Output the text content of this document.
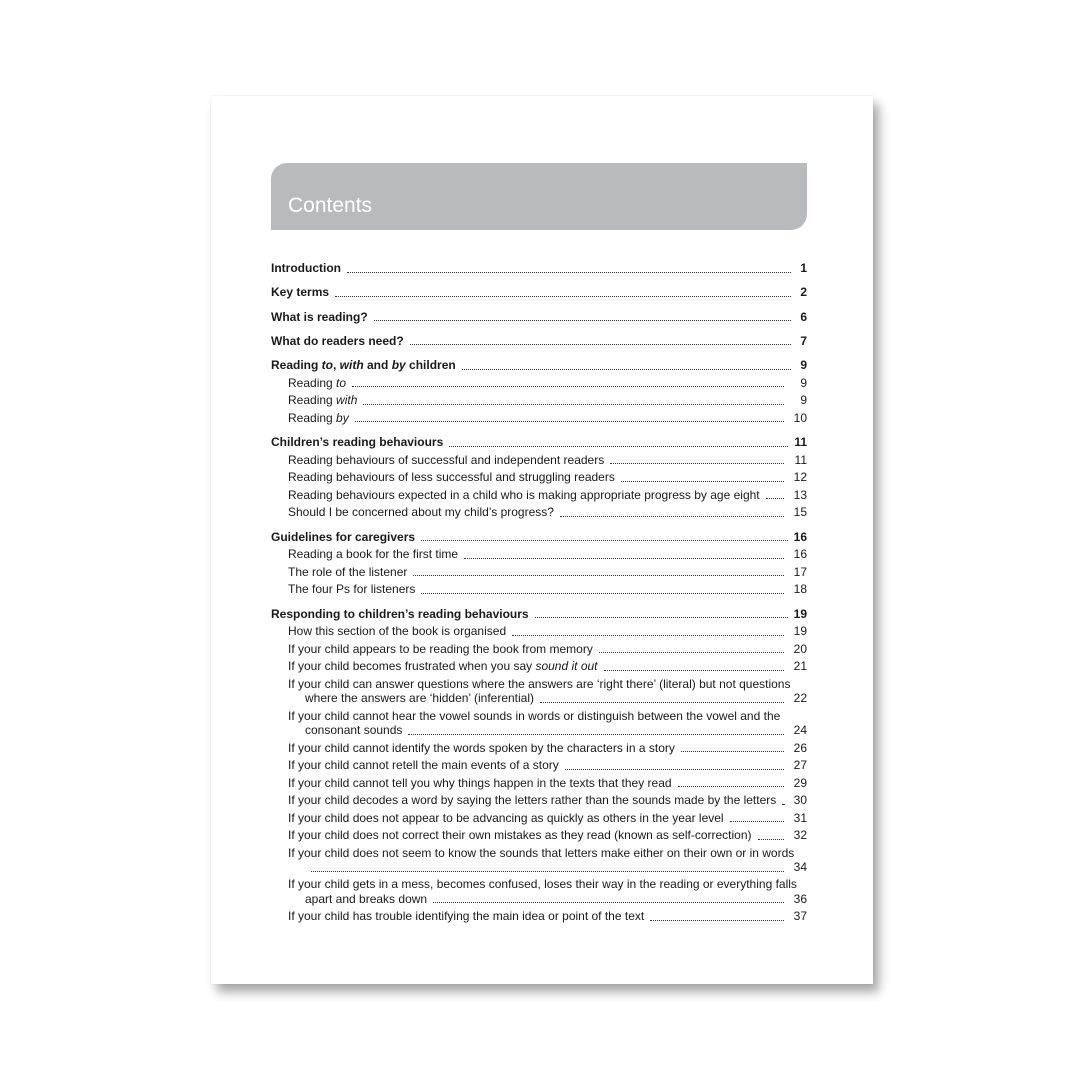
Contents
Introduction	1
Key terms	2
What is reading?	6
What do readers need?	7
Reading to, with and by children	9
Reading to	9
Reading with	9
Reading by	10
Children’s reading behaviours	11
Reading behaviours of successful and independent readers	11
Reading behaviours of less successful and struggling readers	12
Reading behaviours expected in a child who is making appropriate progress by age eight	13
Should I be concerned about my child’s progress?	15
Guidelines for caregivers	16
Reading a book for the first time	16
The role of the listener	17
The four Ps for listeners	18
Responding to children’s reading behaviours	19
How this section of the book is organised	19
If your child appears to be reading the book from memory	20
If your child becomes frustrated when you say sound it out	21
If your child can answer questions where the answers are ‘right there’ (literal) but not questions
where the answers are ‘hidden’ (inferential)	22
If your child cannot hear the vowel sounds in words or distinguish between the vowel and the
consonant sounds	24
If your child cannot identify the words spoken by the characters in a story	26
If your child cannot retell the main events of a story	27
If your child cannot tell you why things happen in the texts that they read	29
If your child decodes a word by saying the letters rather than the sounds made by the letters	30
If your child does not appear to be advancing as quickly as others in the year level	31
If your child does not correct their own mistakes as they read (known as self-correction)	32
If your child does not seem to know the sounds that letters make either on their own or in words
34
If your child gets in a mess, becomes confused, loses their way in the reading or everything falls
apart and breaks down	36
If your child has trouble identifying the main idea or point of the text	37
